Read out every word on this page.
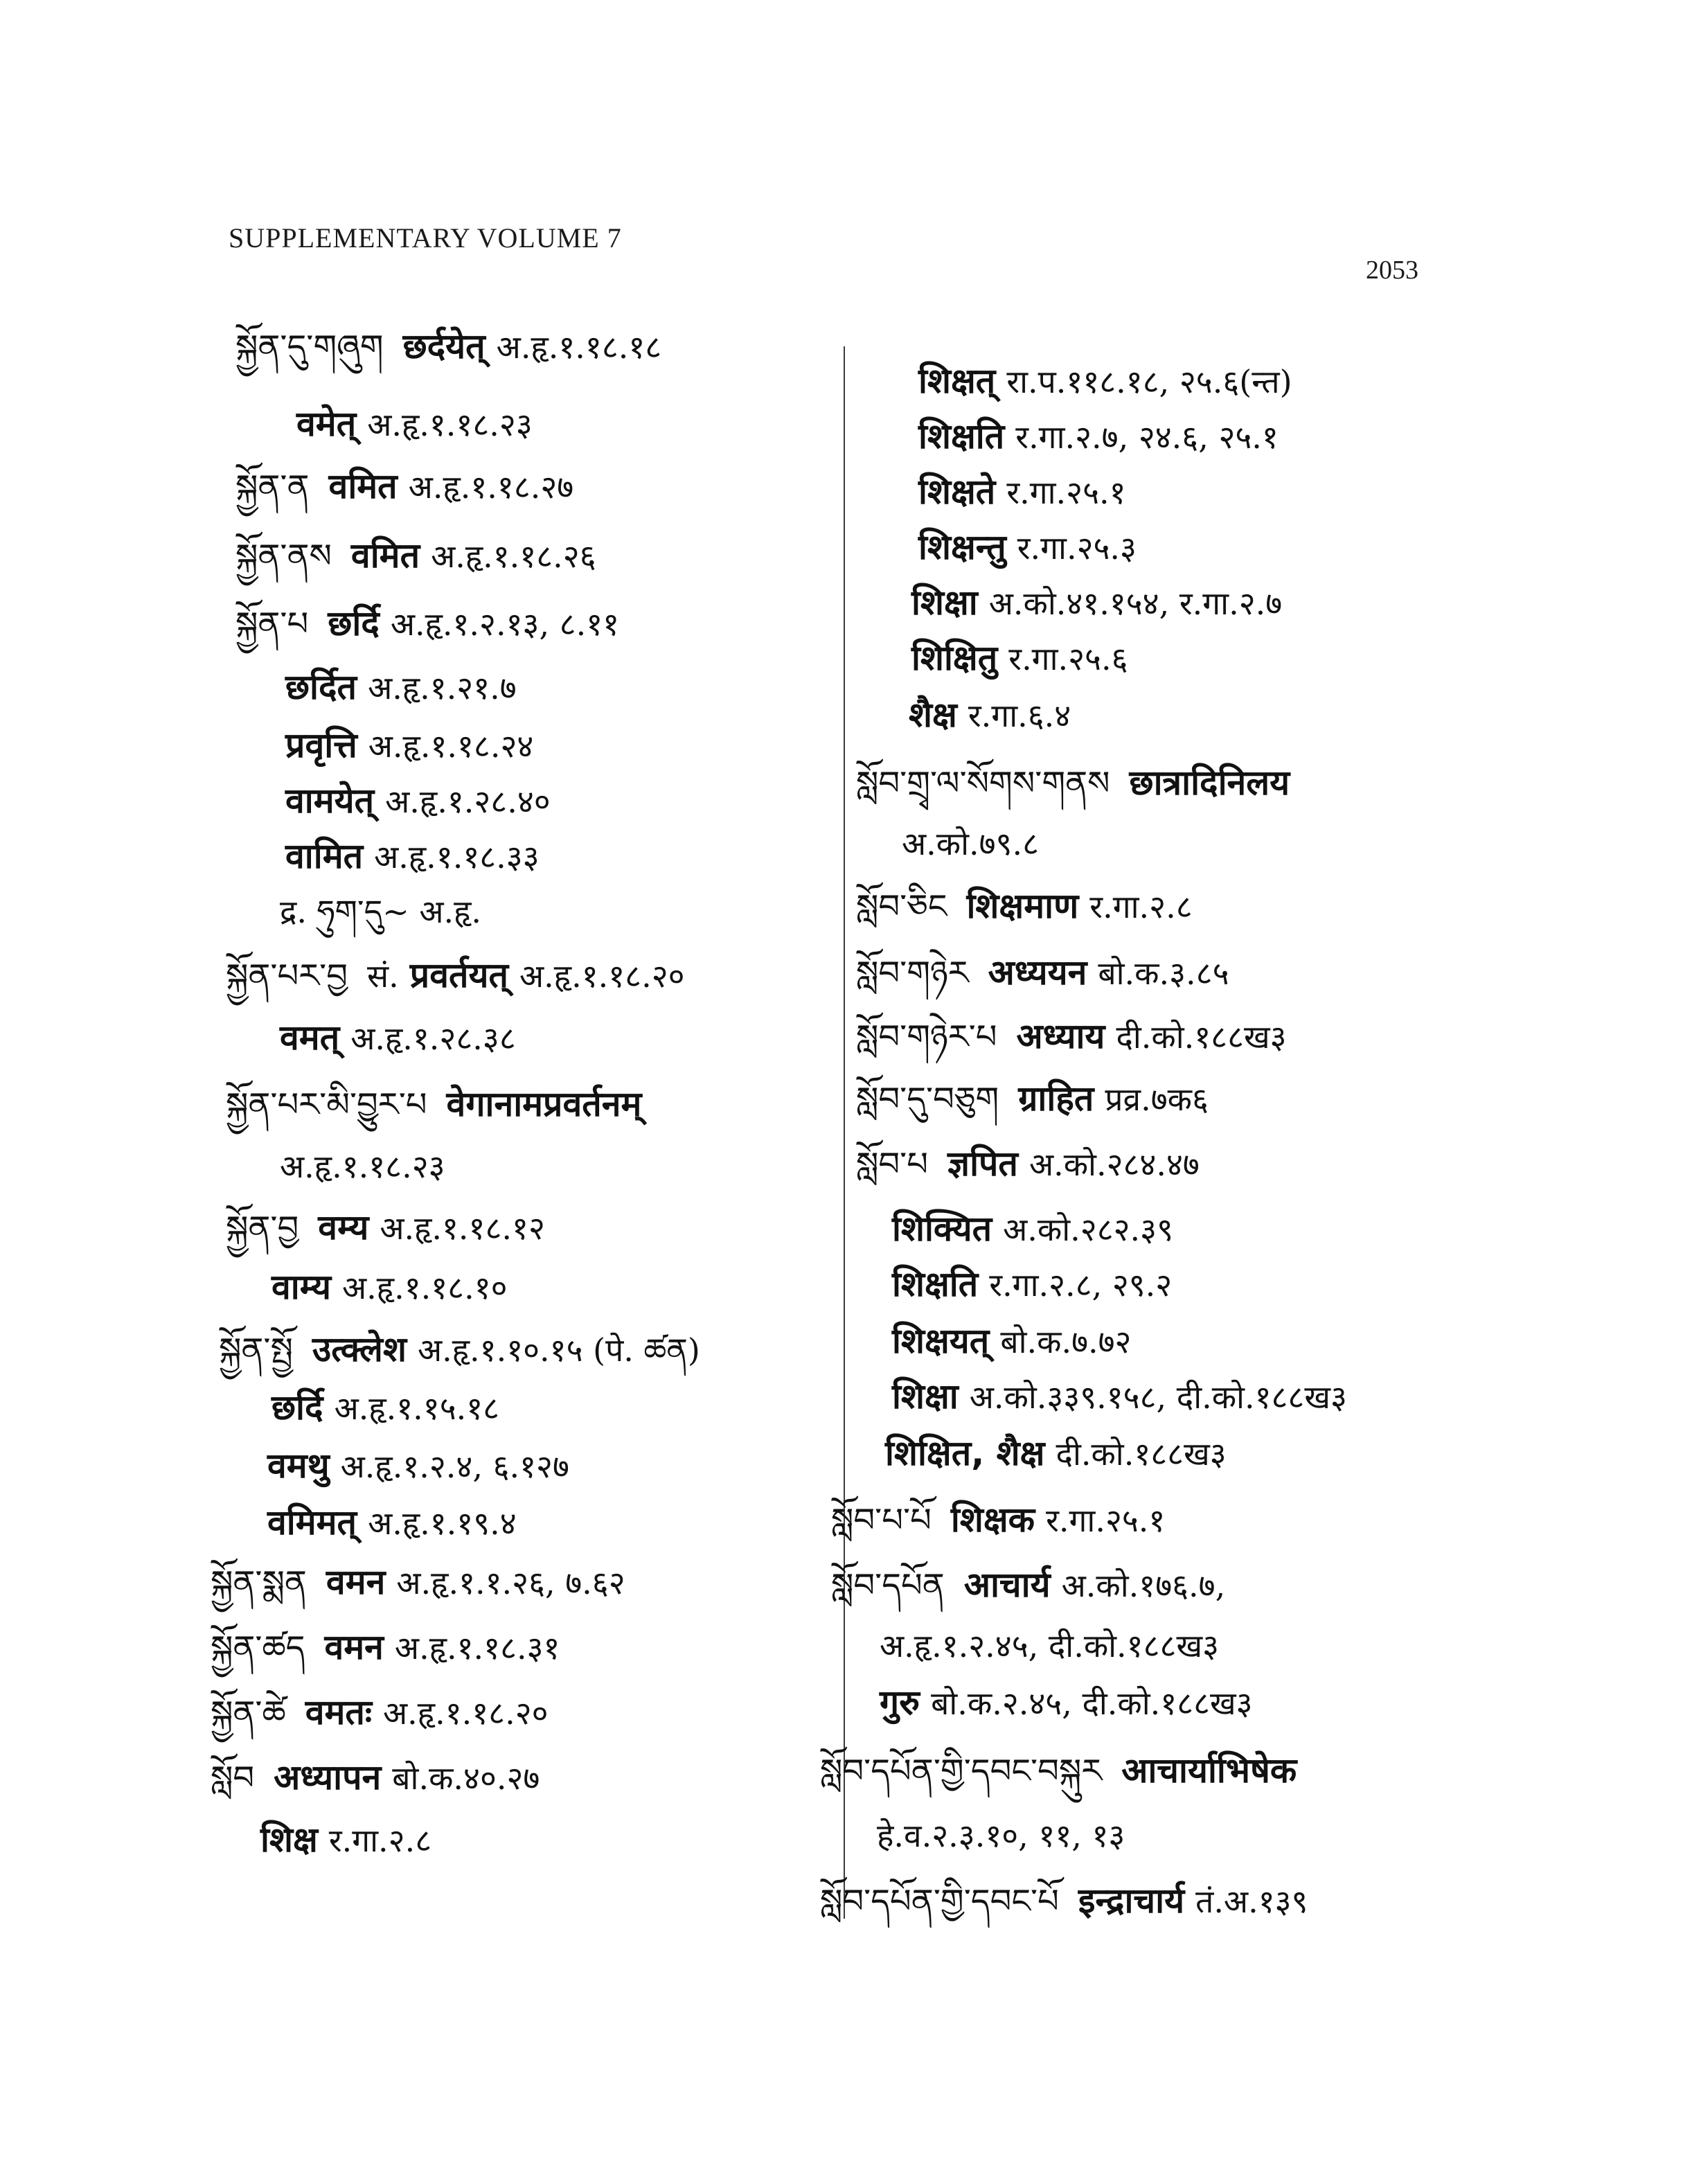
SUPPLEMENTARY VOLUME 7
2053
སྐྱོན་དུ་གཞུག छर्दयेत् अ.हृ.१.१८.१८
वमेत् अ.हृ.१.१८.२३
སྐྱོན་ན वमित अ.हृ.१.१८.२७
སྐྱོན་ནས वमित अ.हृ.१.१८.२६
སྐྱོན་པ छर्दि अ.हृ.१.२.१३, ८.११
छर्दित अ.हृ.१.२१.७
प्रवृत्ति अ.हृ.१.१८.२४
वामयेत् अ.हृ.१.२८.४०
वामित अ.हृ.१.१८.३३
द्र. ཧུག་དུ~ अ.हृ.
སྐྱོན་པར་བྱ सं. प्रवर्तयत् अ.हृ.१.१८.२०
वमत् अ.हृ.१.२८.३८
སྐྱོན་པར་མི་བྱུར་པ वेगानामप्रवर्तनम्
अ.हृ.१.१८.२३
སྐྱོན་བྱ वम्य अ.हृ.१.१८.१२
वाम्य अ.हृ.१.१८.१०
སྐྱོན་སྤྱོ उत्क्लेश अ.हृ.१.१०.१५ (पे. ཚན)
छर्दि अ.हृ.१.१५.१८
वमथु अ.हृ.१.२.४, ६.१२७
वमिमत् अ.हृ.१.१९.४
སྐྱོན་སྨན वमन अ.हृ.१.१.२६, ७.६२
སྐྱོན་ཚད वमन अ.हृ.१.१८.३१
སྐྱོན་ཚེ वमतः अ.हृ.१.१८.२०
སློབ अध्यापन बो.क.४०.२७
शिक्ष र.गा.२.८
शिक्षत् रा.प.११८.१८, २५.६(न्त)
शिक्षति र.गा.२.७, २४.६, २५.१
शिक्षते र.गा.२५.१
शिक्षन्तु र.गा.२५.३
शिक्षा अ.को.४१.१५४, र.गा.२.७
शिक्षितु र.गा.२५.६
शैक्ष र.गा.६.४
སློབ་གྲྭ་ལ་སོགས་གནས छात्रादिनिलय
अ.को.७९.८
སློབ་ཅིང शिक्षमाण र.गा.२.८
སློབ་གཉེར अध्ययन बो.क.३.८५
སློབ་གཉེར་པ अध्याय दी.को.१८८ख३
སློབ་དུ་བཅུག ग्राहित प्रव्र.७क६
སློབ་པ ज्ञपित अ.को.२८४.४७
शिक्यित अ.को.२८२.३९
शिक्षति र.गा.२.८, २९.२
शिक्षयत् बो.क.७.७२
शिक्षा अ.को.३३९.१५८, दी.को.१८८ख३
शिक्षित, शैक्ष दी.को.१८८ख३
སློབ་པ་པོ शिक्षक र.गा.२५.१
སློབ་དཔོན आचार्य अ.को.१७६.७,
अ.हृ.१.२.४५, दी.को.१८८ख३
गुरु बो.क.२.४५, दी.को.१८८ख३
སློབ་དཔོན་གྱི་དབང་བསྐུར आचार्याभिषेक
हे.व.२.३.१०, ११, १३
སློབ་དཔོན་གྱི་དབང་པོ इन्द्राचार्य तं.अ.१३९
